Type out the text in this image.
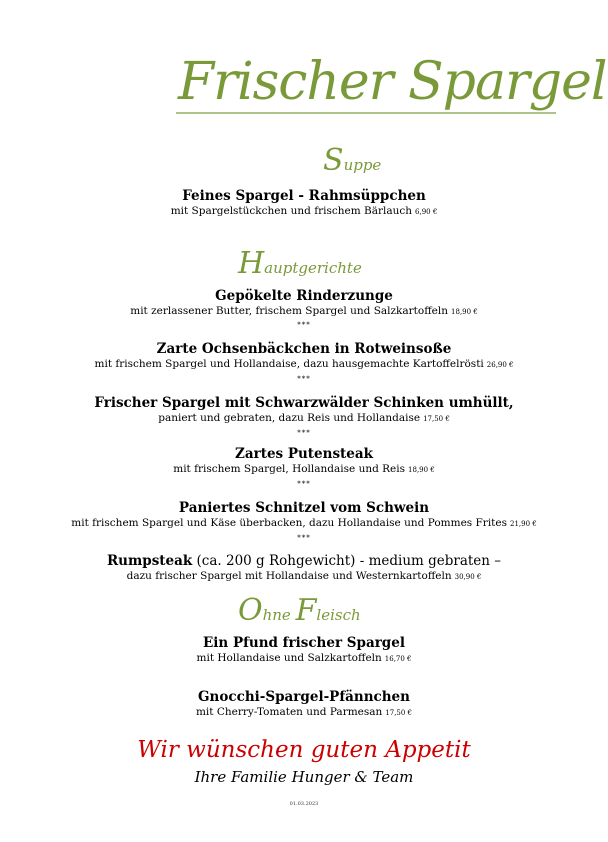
Frischer Spargel
Suppe
Feines Spargel - Rahmsüppchen
mit Spargelstückchen und frischem Bärlauch 6,90 €
Hauptgerichte
Gepökelte Rinderzunge
mit zerlassener Butter, frischem Spargel und Salzkartoffeln 18,90 €
***
Zarte Ochsenbäckchen in Rotweinsoße
mit frischem Spargel und Hollandaise, dazu hausgemachte Kartoffelrösti 26,90 €
***
Frischer Spargel mit Schwarzwälder Schinken umhüllt,
paniert und gebraten, dazu Reis und Hollandaise 17,50 €
***
Zartes Putensteak
mit frischem Spargel, Hollandaise und Reis 18,90 €
***
Paniertes Schnitzel vom Schwein
mit frischem Spargel und Käse überbacken, dazu Hollandaise und Pommes Frites 21,90 €
***
Rumpsteak (ca. 200 g Rohgewicht) - medium gebraten –
dazu frischer Spargel mit Hollandaise und Westernkartoffeln 30,90 €
Ohne Fleisch
Ein Pfund frischer Spargel
mit Hollandaise und Salzkartoffeln 16,70 €
Gnocchi-Spargel-Pfännchen
mit Cherry-Tomaten und Parmesan 17,50 €
Wir wünschen guten Appetit
Ihre Familie Hunger & Team
01.03.2023
